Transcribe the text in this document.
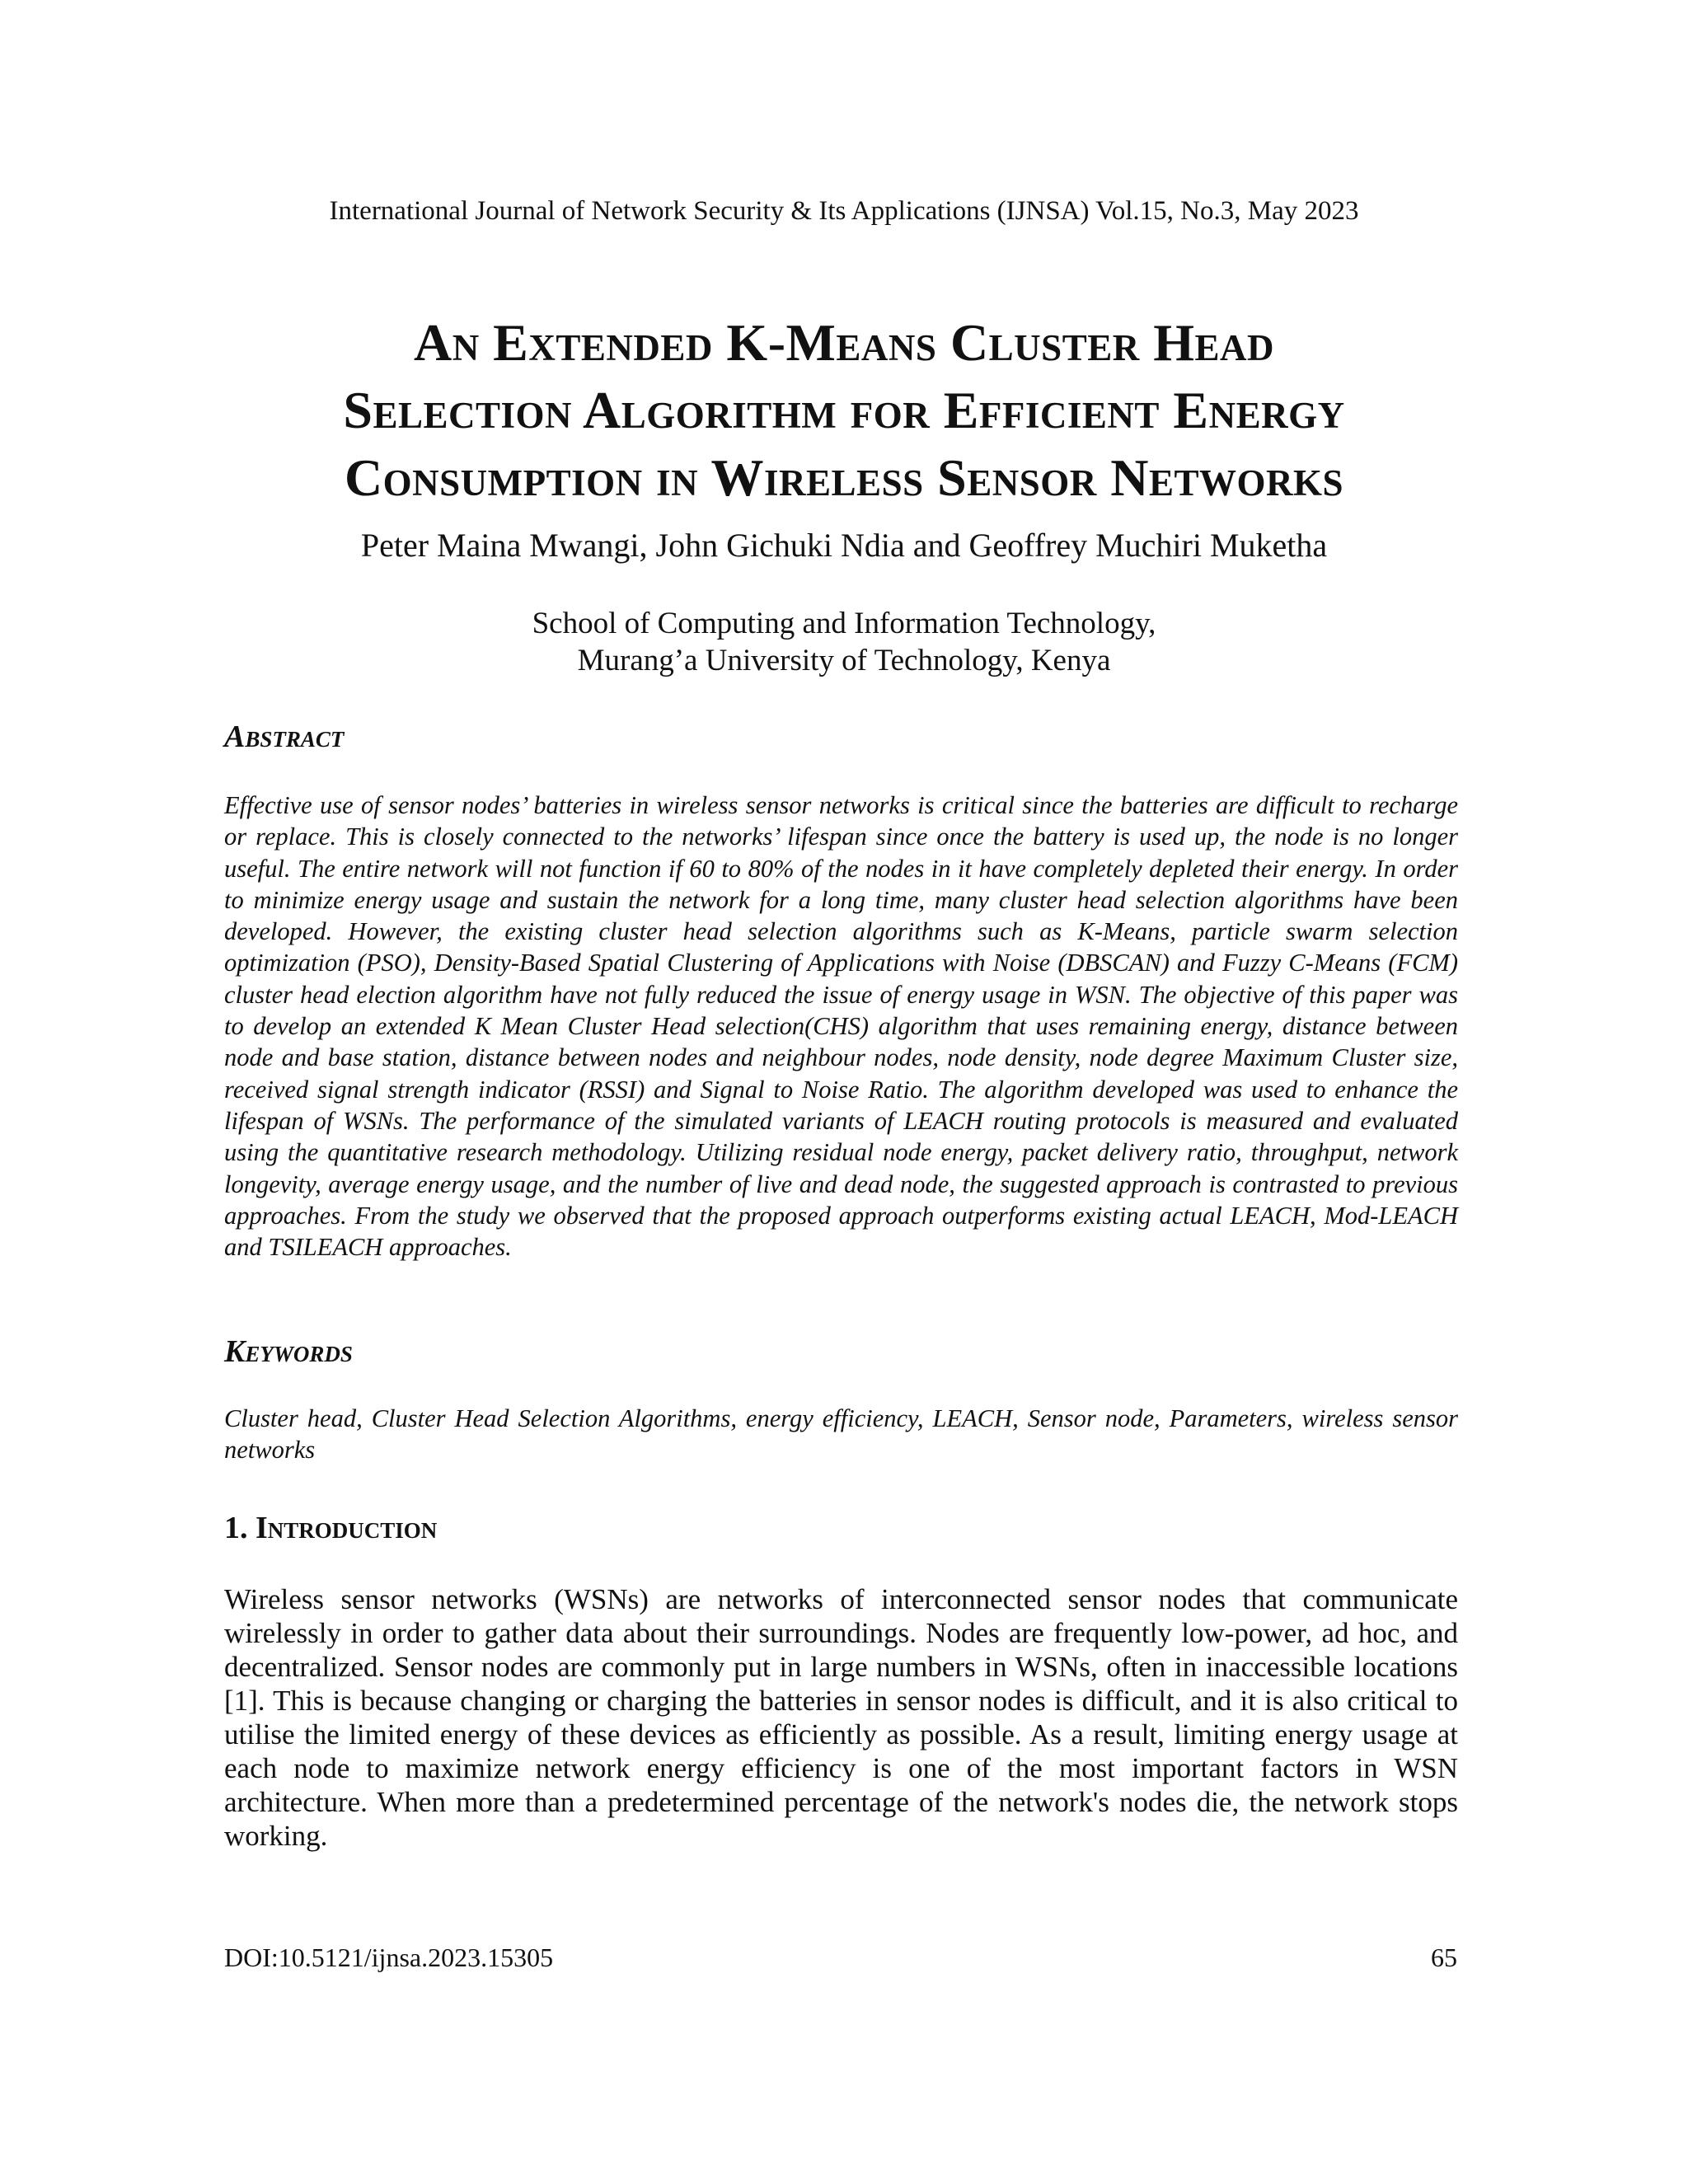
International Journal of Network Security & Its Applications (IJNSA) Vol.15, No.3, May 2023
An Extended K-Means Cluster Head
Selection Algorithm for Efficient Energy
Consumption in Wireless Sensor Networks
Peter Maina Mwangi, John Gichuki Ndia and Geoffrey Muchiri Muketha
School of Computing and Information Technology,
Murang’a University of Technology, Kenya
Abstract
Effective use of sensor nodes’ batteries in wireless sensor networks is critical since the batteries are difficult to recharge or replace. This is closely connected to the networks’ lifespan since once the battery is used up, the node is no longer useful. The entire network will not function if 60 to 80% of the nodes in it have completely depleted their energy. In order to minimize energy usage and sustain the network for a long time, many cluster head selection algorithms have been developed. However, the existing cluster head selection algorithms such as K-Means, particle swarm selection optimization (PSO), Density-Based Spatial Clustering of Applications with Noise (DBSCAN) and Fuzzy C-Means (FCM) cluster head election algorithm have not fully reduced the issue of energy usage in WSN. The objective of this paper was to develop an extended K Mean Cluster Head selection(CHS) algorithm that uses remaining energy, distance between node and base station, distance between nodes and neighbour nodes, node density, node degree Maximum Cluster size, received signal strength indicator (RSSI) and Signal to Noise Ratio. The algorithm developed was used to enhance the lifespan of WSNs. The performance of the simulated variants of LEACH routing protocols is measured and evaluated using the quantitative research methodology. Utilizing residual node energy, packet delivery ratio, throughput, network longevity, average energy usage, and the number of live and dead node, the suggested approach is contrasted to previous approaches. From the study we observed that the proposed approach outperforms existing actual LEACH, Mod-LEACH and TSILEACH approaches.
Keywords
Cluster head, Cluster Head Selection Algorithms, energy efficiency, LEACH, Sensor node, Parameters, wireless sensor networks
1. Introduction
Wireless sensor networks (WSNs) are networks of interconnected sensor nodes that communicate wirelessly in order to gather data about their surroundings. Nodes are frequently low-power, ad hoc, and decentralized. Sensor nodes are commonly put in large numbers in WSNs, often in inaccessible locations [1]. This is because changing or charging the batteries in sensor nodes is difficult, and it is also critical to utilise the limited energy of these devices as efficiently as possible. As a result, limiting energy usage at each node to maximize network energy efficiency is one of the most important factors in WSN architecture. When more than a predetermined percentage of the network's nodes die, the network stops working.
DOI:10.5121/ijnsa.2023.15305	65
